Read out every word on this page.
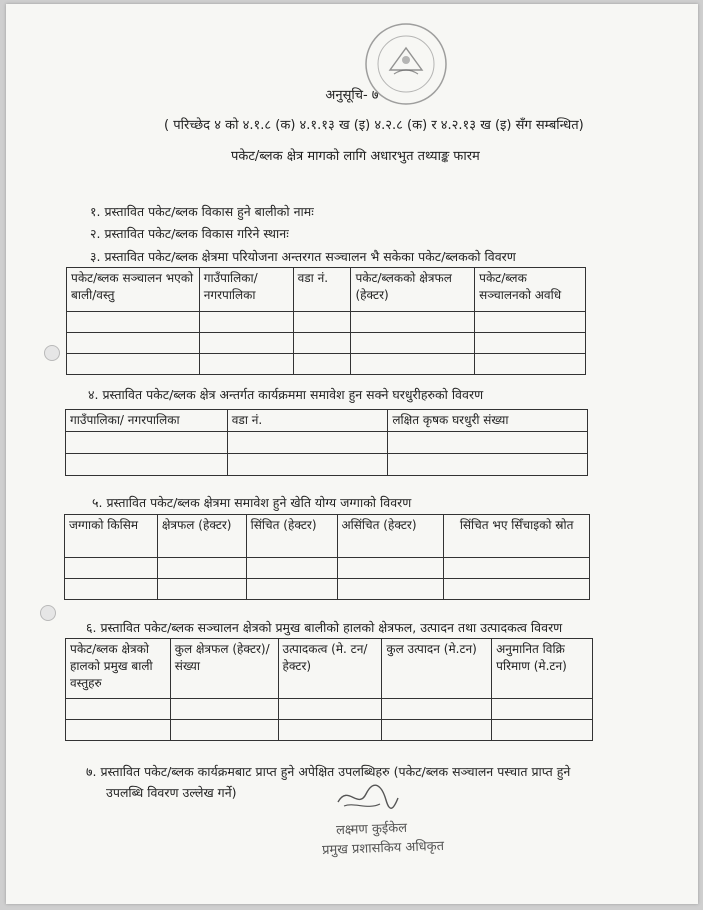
अनुसूचि- ७
( परिच्छेद ४ को ४.१.८ (क) ४.१.१३ ख (इ) ४.२.८ (क) र ४.२.१३ ख (इ) सँग सम्बन्धित)
पकेट/ब्लक क्षेत्र मागको लागि अधारभुत तथ्याङ्क फारम
१. प्रस्तावित पकेट/ब्लक विकास हुने बालीको नामः
२. प्रस्तावित पकेट/ब्लक विकास गरिने स्थानः
३. प्रस्तावित पकेट/ब्लक क्षेत्रमा परियोजना अन्तरगत सञ्चालन भै सकेका पकेट/ब्लकको विवरण
पकेट/ब्लक सञ्चालन भएको बाली/वस्तु	गाउँपालिका/ नगरपालिका	वडा नं.	पकेट/ब्लकको क्षेत्रफल (हेक्टर)	पकेट/ब्लक सञ्चालनको अवधि

४. प्रस्तावित पकेट/ब्लक क्षेत्र अन्तर्गत कार्यक्रममा समावेश हुन सक्ने घरधुरीहरुको विवरण
गाउँपालिका/ नगरपालिका	वडा नं.	लक्षित कृषक घरधुरी संख्या

५. प्रस्तावित पकेट/ब्लक क्षेत्रमा समावेश हुने खेति योग्य जग्गाको विवरण
जग्गाको किसिम	क्षेत्रफल (हेक्टर)	सिंचित (हेक्टर)	असिंचित (हेक्टर)	सिंचित भए सिँचाइको स्रोत

६. प्रस्तावित पकेट/ब्लक सञ्चालन क्षेत्रको प्रमुख बालीको हालको क्षेत्रफल, उत्पादन तथा उत्पादकत्व विवरण
पकेट/ब्लक क्षेत्रको हालको प्रमुख बाली वस्तुहरु	कुल क्षेत्रफल (हेक्टर)/संख्या	उत्पादकत्व (मे. टन/हेक्टर)	कुल उत्पादन (मे.टन)	अनुमानित विक्रि परिमाण (मे.टन)

७. प्रस्तावित पकेट/ब्लक कार्यक्रमबाट प्राप्त हुने अपेक्षित उपलब्धिहरु (पकेट/ब्लक सञ्चालन पस्चात प्राप्त हुने
उपलब्धि विवरण उल्लेख गर्ने)
लक्ष्मण कुईकेल
प्रमुख प्रशासकिय अधिकृत
